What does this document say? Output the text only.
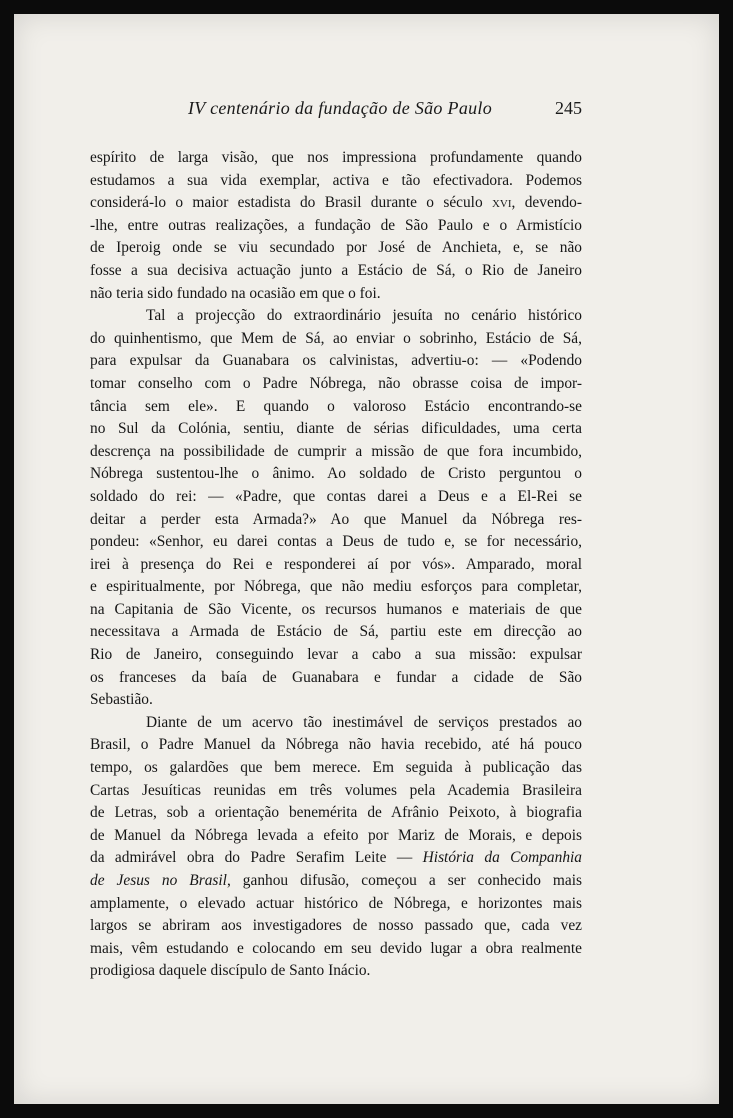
IV centenário da fundação de São Paulo	245
espírito de larga visão, que nos impressiona profundamente quando
estudamos a sua vida exemplar, activa e tão efectivadora. Podemos
considerá-lo o maior estadista do Brasil durante o século xvi, devendo-
-lhe, entre outras realizações, a fundação de São Paulo e o Armistício
de Iperoig onde se viu secundado por José de Anchieta, e, se não
fosse a sua decisiva actuação junto a Estácio de Sá, o Rio de Janeiro
não teria sido fundado na ocasião em que o foi.
Tal a projecção do extraordinário jesuíta no cenário histórico
do quinhentismo, que Mem de Sá, ao enviar o sobrinho, Estácio de Sá,
para expulsar da Guanabara os calvinistas, advertiu-o: — «Podendo
tomar conselho com o Padre Nóbrega, não obrasse coisa de impor-
tância sem ele». E quando o valoroso Estácio encontrando-se
no Sul da Colónia, sentiu, diante de sérias dificuldades, uma certa
descrença na possibilidade de cumprir a missão de que fora incumbido,
Nóbrega sustentou-lhe o ânimo. Ao soldado de Cristo perguntou o
soldado do rei: — «Padre, que contas darei a Deus e a El-Rei se
deitar a perder esta Armada?» Ao que Manuel da Nóbrega res-
pondeu: «Senhor, eu darei contas a Deus de tudo e, se for necessário,
irei à presença do Rei e responderei aí por vós». Amparado, moral
e espiritualmente, por Nóbrega, que não mediu esforços para completar,
na Capitania de São Vicente, os recursos humanos e materiais de que
necessitava a Armada de Estácio de Sá, partiu este em direcção ao
Rio de Janeiro, conseguindo levar a cabo a sua missão: expulsar
os franceses da baía de Guanabara e fundar a cidade de São
Sebastião.
Diante de um acervo tão inestimável de serviços prestados ao
Brasil, o Padre Manuel da Nóbrega não havia recebido, até há pouco
tempo, os galardões que bem merece. Em seguida à publicação das
Cartas Jesuíticas reunidas em três volumes pela Academia Brasileira
de Letras, sob a orientação benemérita de Afrânio Peixoto, à biografia
de Manuel da Nóbrega levada a efeito por Mariz de Morais, e depois
da admirável obra do Padre Serafim Leite — História da Companhia
de Jesus no Brasil, ganhou difusão, começou a ser conhecido mais
amplamente, o elevado actuar histórico de Nóbrega, e horizontes mais
largos se abriram aos investigadores de nosso passado que, cada vez
mais, vêm estudando e colocando em seu devido lugar a obra realmente
prodigiosa daquele discípulo de Santo Inácio.
